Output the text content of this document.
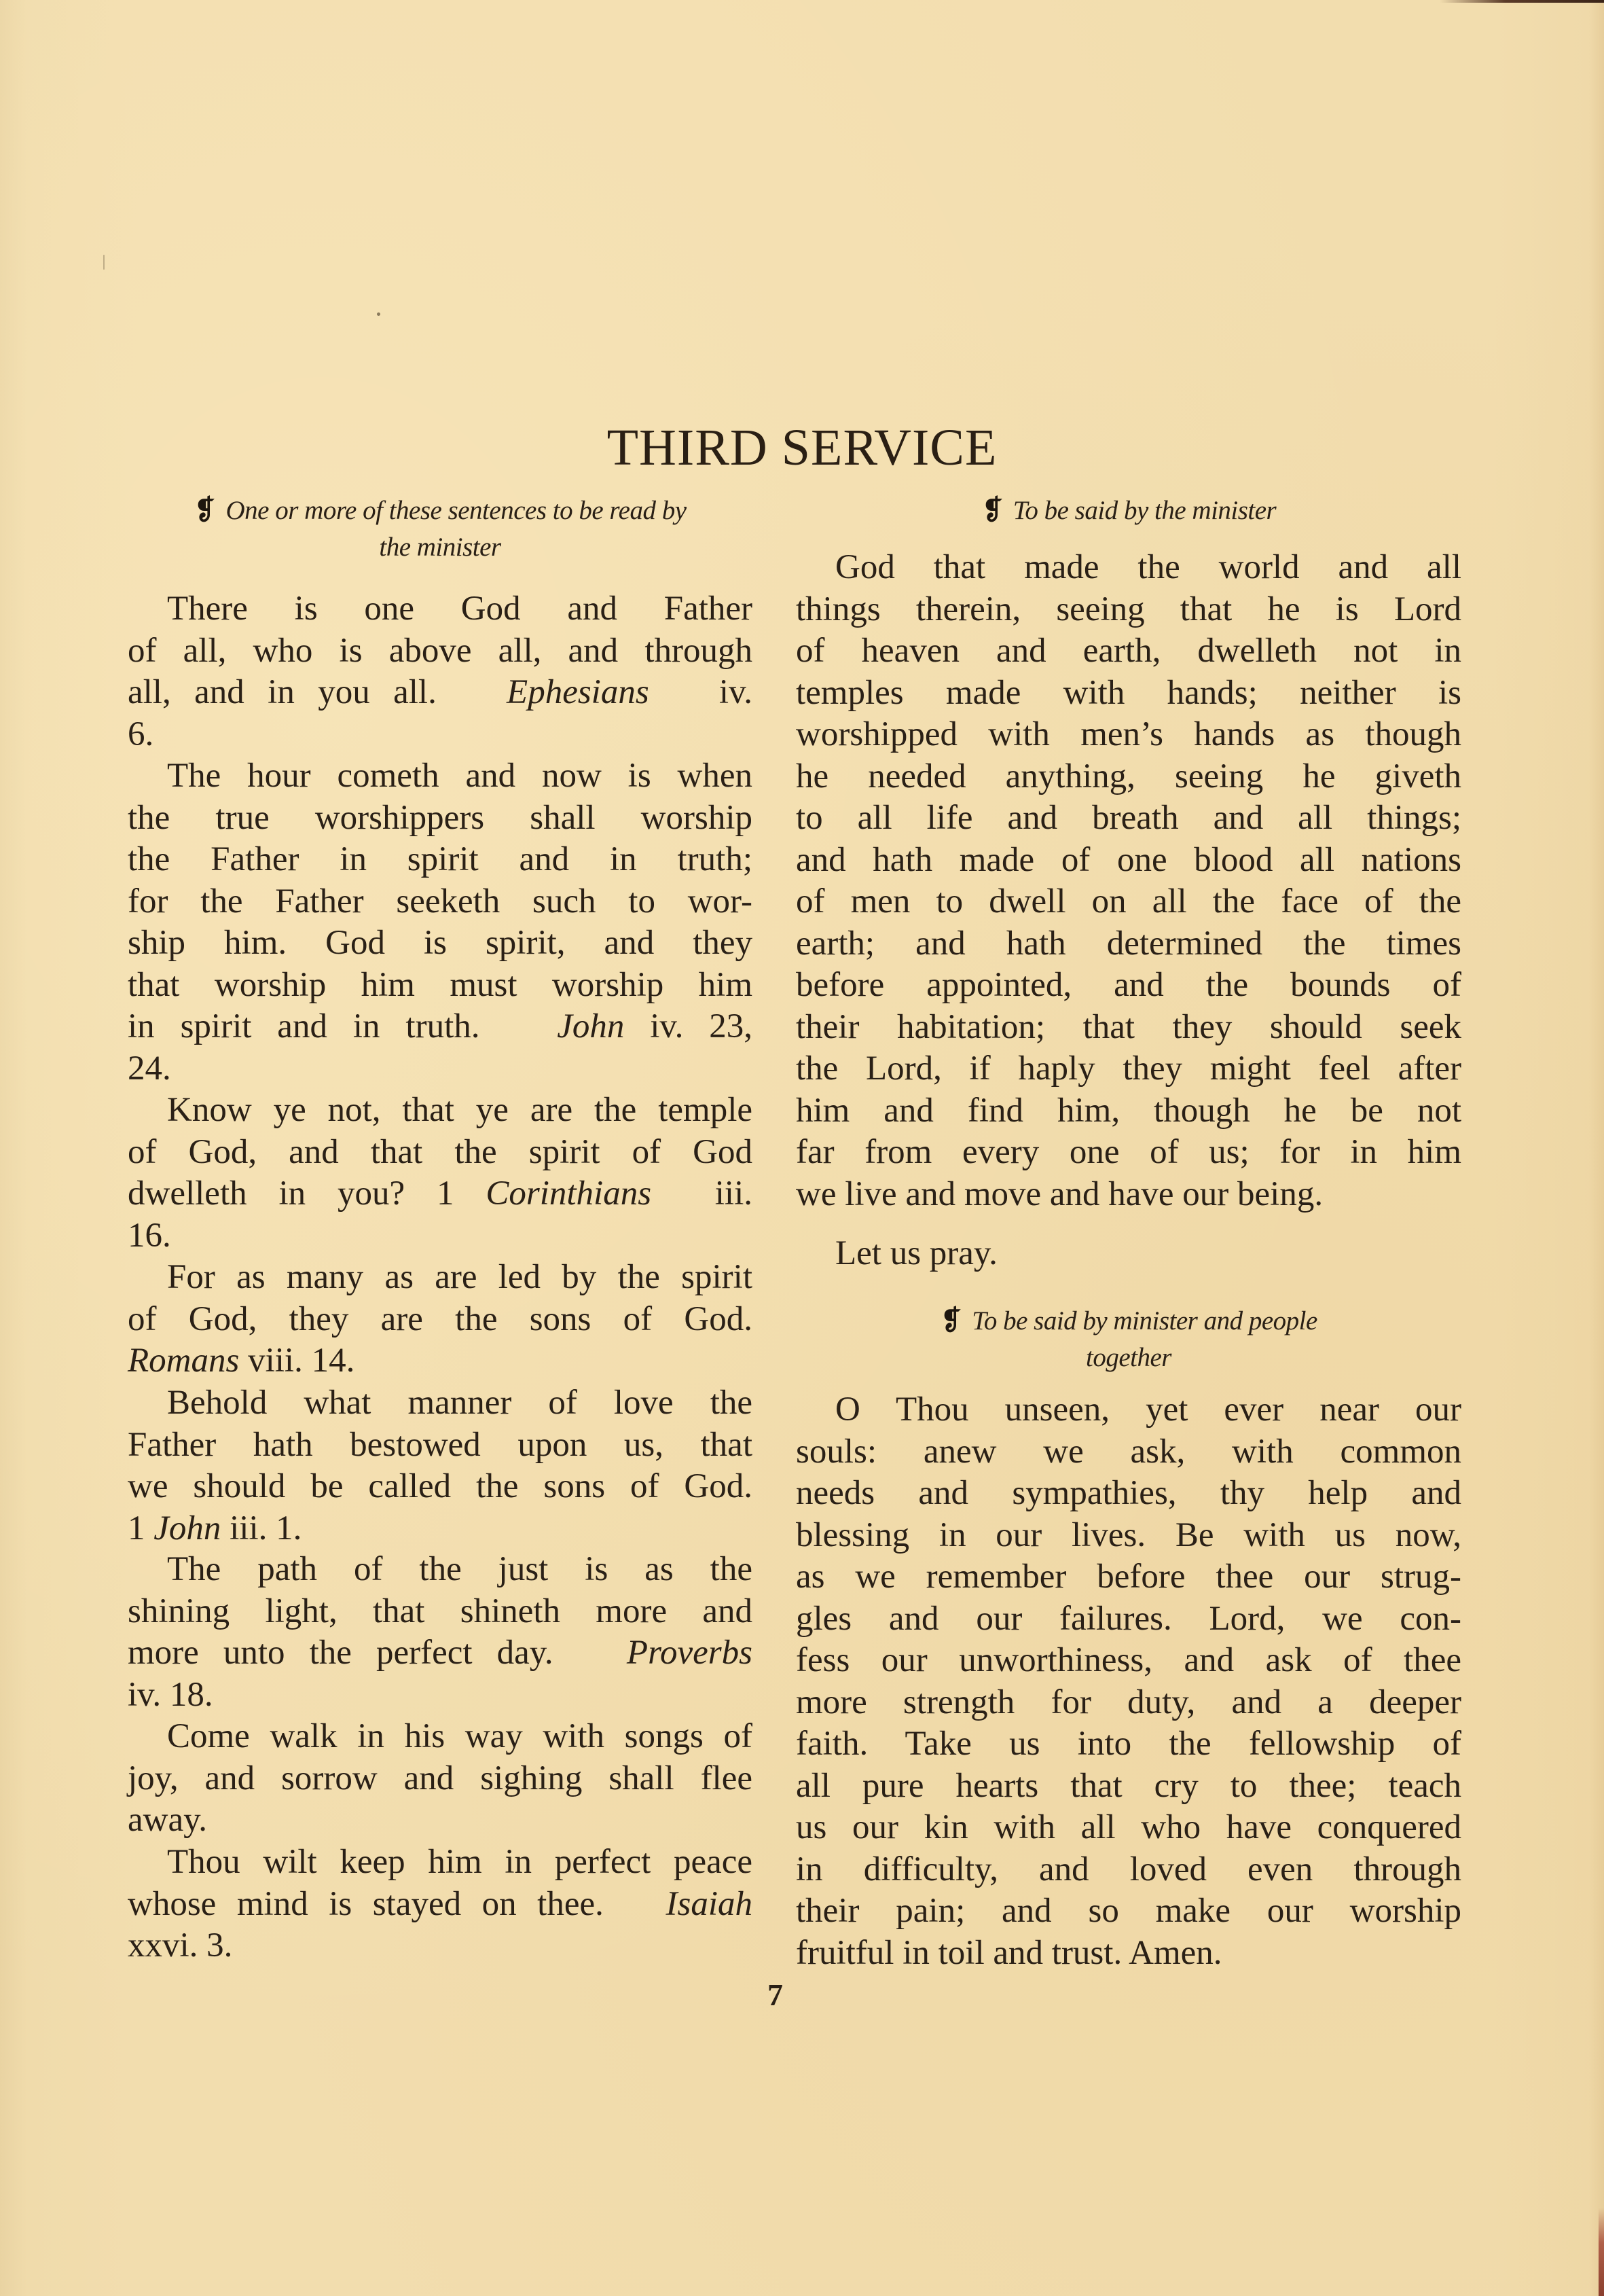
THIRD SERVICE
❡ One or more of these sentences to be read by
the minister
There is one God and Father
of all, who is above all, and through
all, and in you all. Ephesians iv.
6.
The hour cometh and now is when
the true worshippers shall worship
the Father in spirit and in truth;
for the Father seeketh such to wor-
ship him. God is spirit, and they
that worship him must worship him
in spirit and in truth. John iv. 23,
24.
Know ye not, that ye are the temple
of God, and that the spirit of God
dwelleth in you? 1 Corinthians iii.
16.
For as many as are led by the spirit
of God, they are the sons of God.
Romans viii. 14.
Behold what manner of love the
Father hath bestowed upon us, that
we should be called the sons of God.
1 John iii. 1.
The path of the just is as the
shining light, that shineth more and
more unto the perfect day. Proverbs
iv. 18.
Come walk in his way with songs of
joy, and sorrow and sighing shall flee
away.
Thou wilt keep him in perfect peace
whose mind is stayed on thee. Isaiah
xxvi. 3.
❡ To be said by the minister
God that made the world and all
things therein, seeing that he is Lord
of heaven and earth, dwelleth not in
temples made with hands; neither is
worshipped with men’s hands as though
he needed anything, seeing he giveth
to all life and breath and all things;
and hath made of one blood all nations
of men to dwell on all the face of the
earth; and hath determined the times
before appointed, and the bounds of
their habitation; that they should seek
the Lord, if haply they might feel after
him and find him, though he be not
far from every one of us; for in him
we live and move and have our being.
Let us pray.
❡ To be said by minister and people
together
O Thou unseen, yet ever near our
souls: anew we ask, with common
needs and sympathies, thy help and
blessing in our lives. Be with us now,
as we remember before thee our strug-
gles and our failures. Lord, we con-
fess our unworthiness, and ask of thee
more strength for duty, and a deeper
faith. Take us into the fellowship of
all pure hearts that cry to thee; teach
us our kin with all who have conquered
in difficulty, and loved even through
their pain; and so make our worship
fruitful in toil and trust. Amen.
7
